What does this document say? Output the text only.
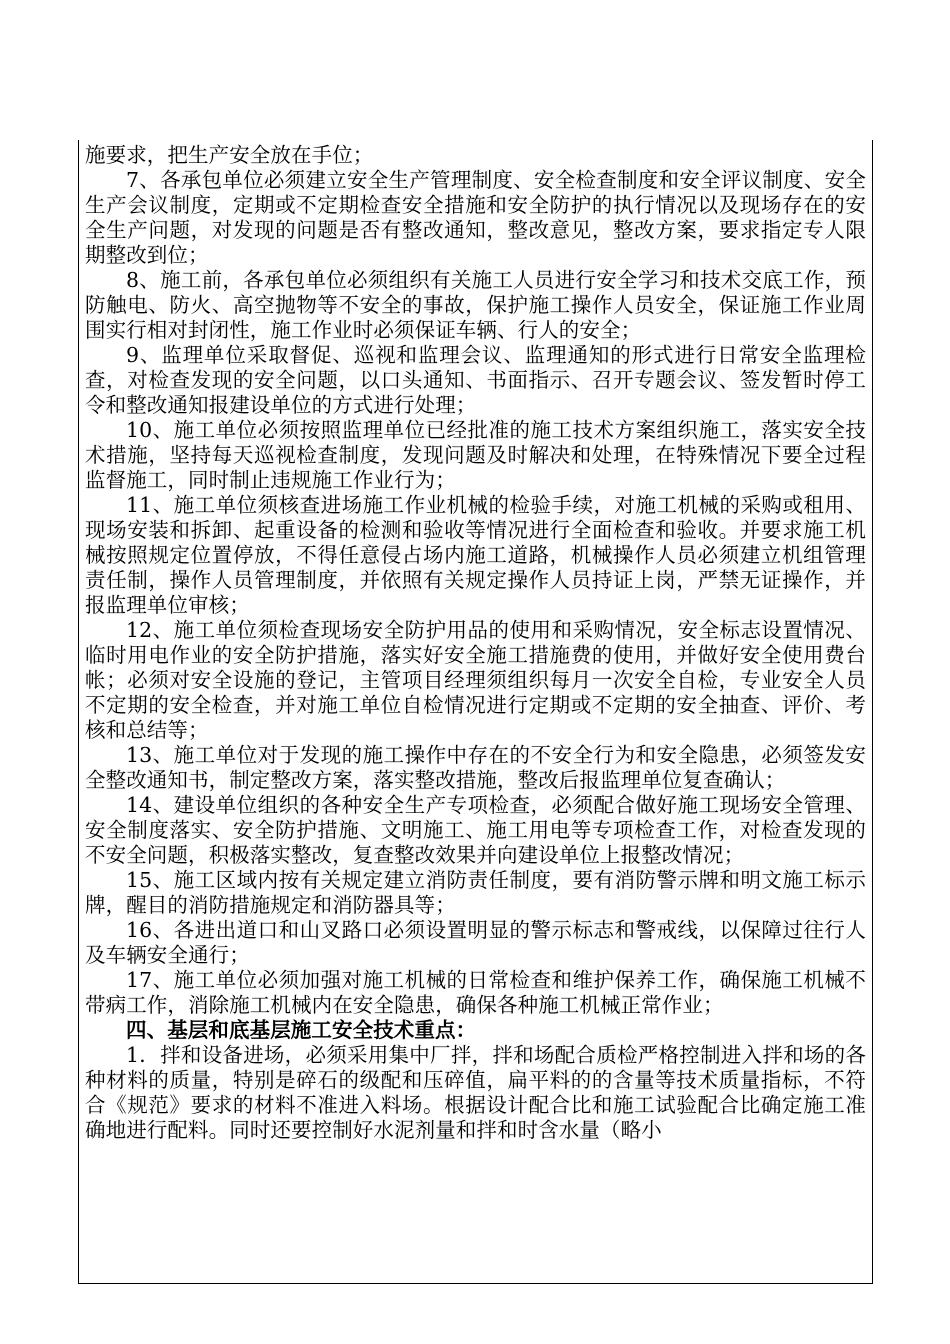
施要求，把生产安全放在手位；

7、各承包单位必须建立安全生产管理制度、安全检查制度和安全评议制度、安全生产会议制度，定期或不定期检查安全措施和安全防护的执行情况以及现场存在的安全生产问题，对发现的问题是否有整改通知，整改意见，整改方案，要求指定专人限期整改到位；

8、施工前，各承包单位必须组织有关施工人员进行安全学习和技术交底工作，预防触电、防火、高空抛物等不安全的事故，保护施工操作人员安全，保证施工作业周围实行相对封闭性，施工作业时必须保证车辆、行人的安全；

9、监理单位采取督促、巡视和监理会议、监理通知的形式进行日常安全监理检查，对检查发现的安全问题，以口头通知、书面指示、召开专题会议、签发暂时停工令和整改通知报建设单位的方式进行处理；

10、施工单位必须按照监理单位已经批准的施工技术方案组织施工，落实安全技术措施，坚持每天巡视检查制度，发现问题及时解决和处理，在特殊情况下要全过程监督施工，同时制止违规施工作业行为；

11、施工单位须核查进场施工作业机械的检验手续，对施工机械的采购或租用、现场安装和拆卸、起重设备的检测和验收等情况进行全面检查和验收。并要求施工机械按照规定位置停放，不得任意侵占场内施工道路，机械操作人员必须建立机组管理责任制，操作人员管理制度，并依照有关规定操作人员持证上岗，严禁无证操作，并报监理单位审核；

12、施工单位须检查现场安全防护用品的使用和采购情况，安全标志设置情况、临时用电作业的安全防护措施，落实好安全施工措施费的使用，并做好安全使用费台帐；必须对安全设施的登记，主管项目经理须组织每月一次安全自检，专业安全人员不定期的安全检查，并对施工单位自检情况进行定期或不定期的安全抽查、评价、考核和总结等；

13、施工单位对于发现的施工操作中存在的不安全行为和安全隐患，必须签发安全整改通知书，制定整改方案，落实整改措施，整改后报监理单位复查确认；

14、建设单位组织的各种安全生产专项检查，必须配合做好施工现场安全管理、安全制度落实、安全防护措施、文明施工、施工用电等专项检查工作，对检查发现的不安全问题，积极落实整改，复查整改效果并向建设单位上报整改情况；

15、施工区域内按有关规定建立消防责任制度，要有消防警示牌和明文施工标示牌，醒目的消防措施规定和消防器具等；

16、各进出道口和山叉路口必须设置明显的警示标志和警戒线，以保障过往行人及车辆安全通行；

17、施工单位必须加强对施工机械的日常检查和维护保养工作，确保施工机械不带病工作，消除施工机械内在安全隐患，确保各种施工机械正常作业；

四、基层和底基层施工安全技术重点：

1．拌和设备进场，必须采用集中厂拌，拌和场配合质检严格控制进入拌和场的各种材料的质量，特别是碎石的级配和压碎值，扁平料的的含量等技术质量指标，不符合《规范》要求的材料不准进入料场。根据设计配合比和施工试验配合比确定施工准确地进行配料。同时还要控制好水泥剂量和拌和时含水量（略小
